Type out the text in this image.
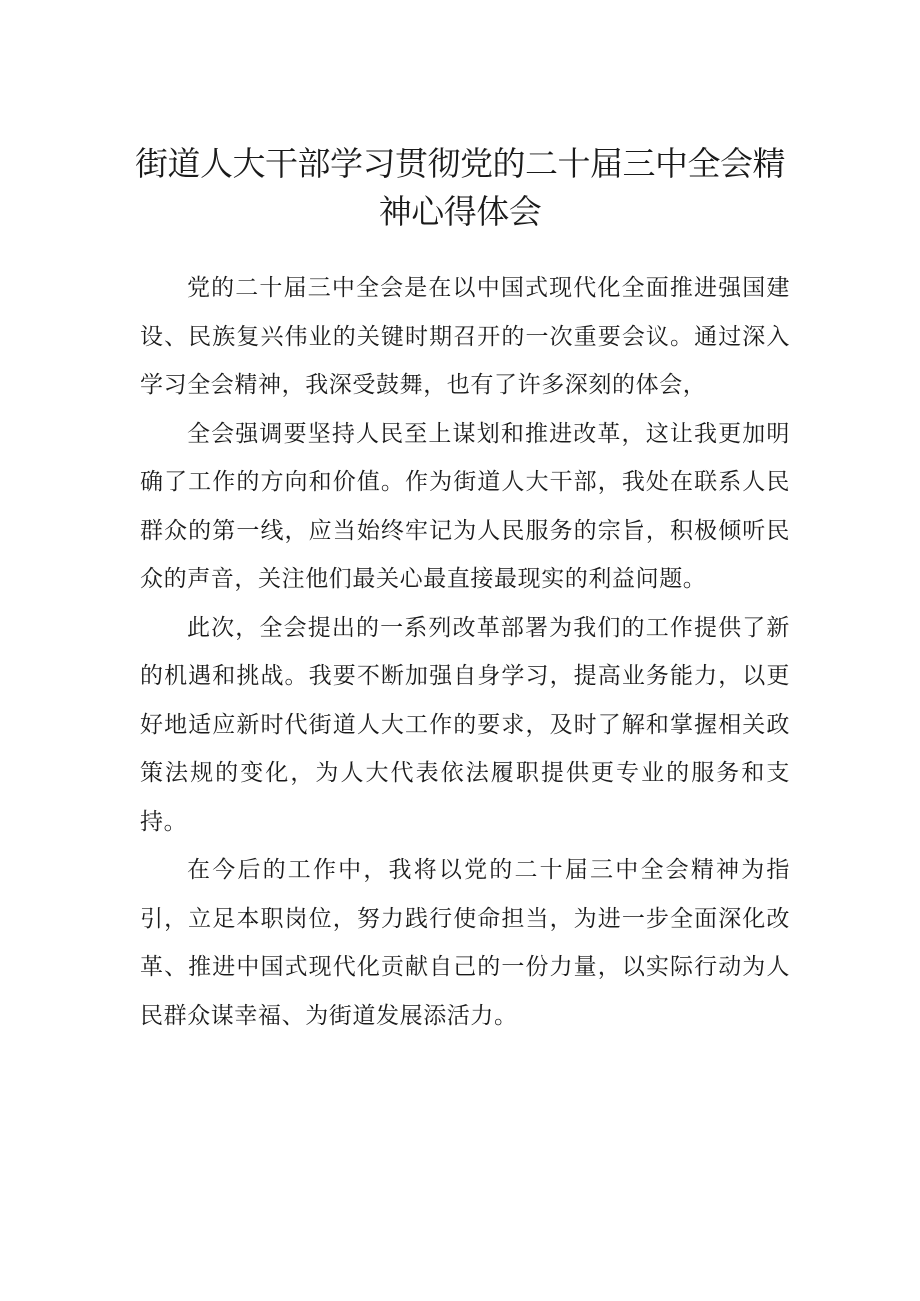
街道人大干部学习贯彻党的二十届三中全会精
神心得体会

党的二十届三中全会是在以中国式现代化全面推进强国建设、民族复兴伟业的关键时期召开的一次重要会议。通过深入学习全会精神，我深受鼓舞，也有了许多深刻的体会，

全会强调要坚持人民至上谋划和推进改革，这让我更加明确了工作的方向和价值。作为街道人大干部，我处在联系人民群众的第一线，应当始终牢记为人民服务的宗旨，积极倾听民众的声音，关注他们最关心最直接最现实的利益问题。

此次，全会提出的一系列改革部署为我们的工作提供了新的机遇和挑战。我要不断加强自身学习，提高业务能力，以更好地适应新时代街道人大工作的要求，及时了解和掌握相关政策法规的变化，为人大代表依法履职提供更专业的服务和支持。

在今后的工作中，我将以党的二十届三中全会精神为指引，立足本职岗位，努力践行使命担当，为进一步全面深化改革、推进中国式现代化贡献自己的一份力量，以实际行动为人民群众谋幸福、为街道发展添活力。
